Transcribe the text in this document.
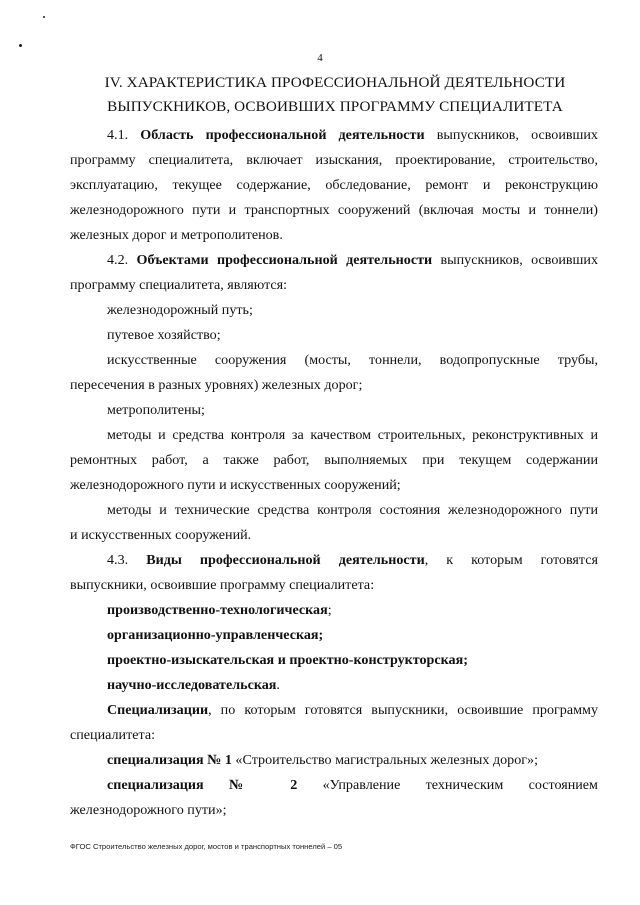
4
IV. ХАРАКТЕРИСТИКА ПРОФЕССИОНАЛЬНОЙ ДЕЯТЕЛЬНОСТИ
ВЫПУСКНИКОВ, ОСВОИВШИХ ПРОГРАММУ СПЕЦИАЛИТЕТА
4.1. Область профессиональной деятельности выпускников, освоивших
программу специалитета, включает изыскания, проектирование, строительство,
эксплуатацию, текущее содержание, обследование, ремонт и реконструкцию
железнодорожного пути и транспортных сооружений (включая мосты и тоннели)
железных дорог и метрополитенов.
4.2. Объектами профессиональной деятельности выпускников, освоивших
программу специалитета, являются:
железнодорожный путь;
путевое хозяйство;
искусственные сооружения (мосты, тоннели, водопропускные трубы,
пересечения в разных уровнях) железных дорог;
метрополитены;
методы и средства контроля за качеством строительных, реконструктивных и
ремонтных работ, а также работ, выполняемых при текущем содержании
железнодорожного пути и искусственных сооружений;
методы и технические средства контроля состояния железнодорожного пути
и искусственных сооружений.
4.3. Виды профессиональной деятельности, к которым готовятся
выпускники, освоившие программу специалитета:
производственно-технологическая;
организационно-управленческая;
проектно-изыскательская и проектно-конструкторская;
научно-исследовательская.
Специализации, по которым готовятся выпускники, освоившие программу
специалитета:
специализация № 1 «Строительство магистральных железных дорог»;
специализация № 2 «Управление техническим состоянием
железнодорожного пути»;
ФГОС Строительство железных дорог, мостов и транспортных тоннелей – 05
